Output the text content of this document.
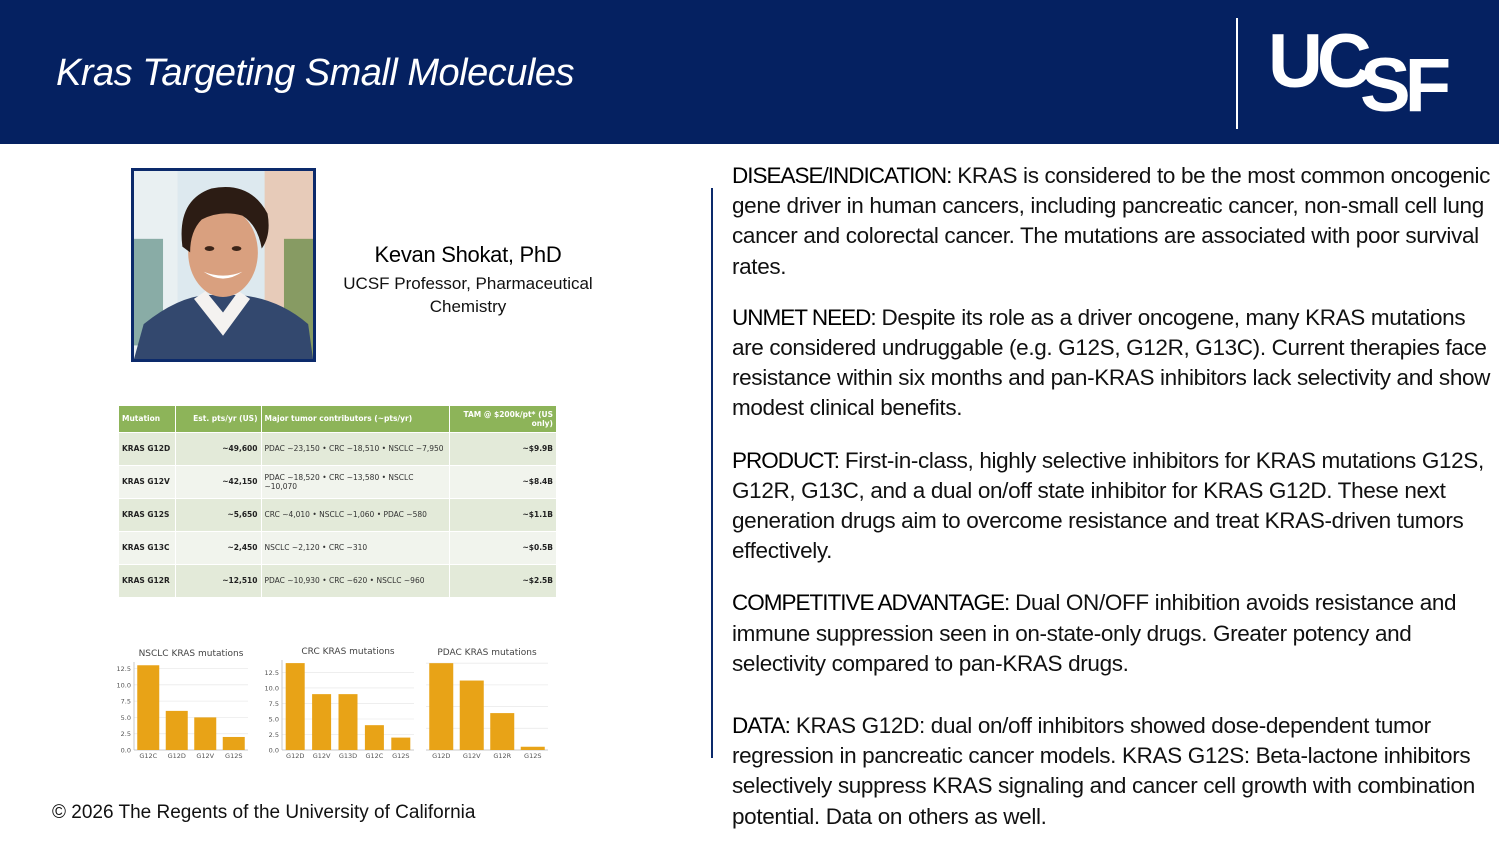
Kras Targeting Small Molecules	UC
SF
Kevan Shokat, PhD
UCSF Professor, Pharmaceutical
Chemistry
Mutation	Est. pts/yr (US)	Major tumor contributors (~pts/yr)	TAM @ $200k/pt* (US only)
KRAS G12D	~49,600	PDAC ~23,150 • CRC ~18,510 • NSCLC ~7,950	~$9.9B
KRAS G12V	~42,150	PDAC ~18,520 • CRC ~13,580 • NSCLC ~10,070	~$8.4B
KRAS G12S	~5,650	CRC ~4,010 • NSCLC ~1,060 • PDAC ~580	~$1.1B
KRAS G13C	~2,450	NSCLC ~2,120 • CRC ~310	~$0.5B
KRAS G12R	~12,510	PDAC ~10,930 • CRC ~620 • NSCLC ~960	~$2.5B
NSCLC KRAS mutations
0.0
2.5
5.0
7.5
10.0
12.5
G12C G12D G12V G12S
CRC KRAS mutations
0.0
2.5
5.0
7.5
10.0
12.5
G12D G12V G13D G12C G12S
PDAC KRAS mutations
G12D G12V G12R G12S
© 2026 The Regents of the University of California

DISEASE/INDICATION: KRAS is considered to be the most common oncogenic gene driver in human cancers, including pancreatic cancer, non-small cell lung cancer and colorectal cancer. The mutations are associated with poor survival rates.

UNMET NEED: Despite its role as a driver oncogene, many KRAS mutations are considered undruggable (e.g. G12S, G12R, G13C). Current therapies face resistance within six months and pan-KRAS inhibitors lack selectivity and show modest clinical benefits.

PRODUCT: First-in-class, highly selective inhibitors for KRAS mutations G12S, G12R, G13C, and a dual on/off state inhibitor for KRAS G12D. These next generation drugs aim to overcome resistance and treat KRAS-driven tumors effectively.

COMPETITIVE ADVANTAGE: Dual ON/OFF inhibition avoids resistance and immune suppression seen in on-state-only drugs. Greater potency and selectivity compared to pan-KRAS drugs.

DATA: KRAS G12D: dual on/off inhibitors showed dose-dependent tumor regression in pancreatic cancer models. KRAS G12S: Beta-lactone inhibitors selectively suppress KRAS signaling and cancer cell growth with combination potential. Data on others as well.
